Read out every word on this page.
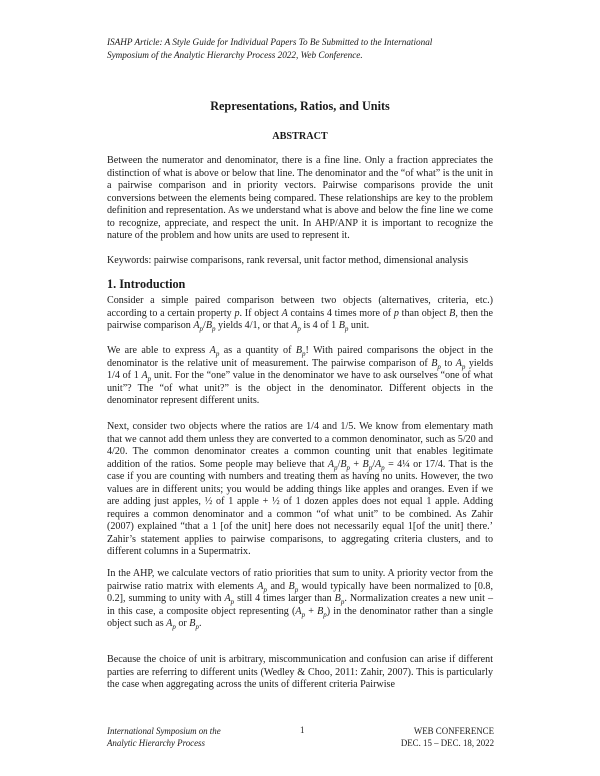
ISAHP Article: A Style Guide for Individual Papers To Be Submitted to the International
Symposium of the Analytic Hierarchy Process 2022, Web Conference.
Representations, Ratios, and Units
ABSTRACT
Between the numerator and denominator, there is a fine line. Only a fraction appreciates the distinction of what is above or below that line. The denominator and the “of what” is the unit in a pairwise comparison and in priority vectors. Pairwise comparisons provide the unit conversions between the elements being compared. These relationships are key to the problem definition and representation. As we understand what is above and below the fine line we come to recognize, appreciate, and respect the unit. In AHP/ANP it is important to recognize the nature of the problem and how units are used to represent it.
Keywords: pairwise comparisons, rank reversal, unit factor method, dimensional analysis
1. Introduction
Consider a simple paired comparison between two objects (alternatives, criteria, etc.) according to a certain property p. If object A contains 4 times more of p than object B, then the pairwise comparison $A_p/B_p$ yields 4/1, or that $A_p$ is 4 of 1 $B_p$ unit.
We are able to express $A_p$ as a quantity of $B_p$! With paired comparisons the object in the denominator is the relative unit of measurement. The pairwise comparison of $B_p$ to $A_p$ yields 1/4 of 1 $A_p$ unit. For the “one” value in the denominator we have to ask ourselves “one of what unit”? The “of what unit?” is the object in the denominator. Different objects in the denominator represent different units.
Next, consider two objects where the ratios are 1/4 and 1/5. We know from elementary math that we cannot add them unless they are converted to a common denominator, such as 5/20 and 4/20. The common denominator creates a common counting unit that enables legitimate addition of the ratios. Some people may believe that $A_p/B_p + B_p/A_p$ = 4¼ or 17/4. That is the case if you are counting with numbers and treating them as having no units. However, the two values are in different units; you would be adding things like apples and oranges. Even if we are adding just apples, ½ of 1 apple + ½ of 1 dozen apples does not equal 1 apple. Adding requires a common denominator and a common “of what unit” to be combined. As Zahir (2007) explained “that a 1 [of the unit] here does not necessarily equal 1[of the unit] there.’ Zahir’s statement applies to pairwise comparisons, to aggregating criteria clusters, and to different columns in a Supermatrix.
In the AHP, we calculate vectors of ratio priorities that sum to unity. A priority vector from the pairwise ratio matrix with elements $A_p$ and $B_p$ would typically have been normalized to [0.8, 0.2], summing to unity with $A_p$ still 4 times larger than $B_p$. Normalization creates a new unit – in this case, a composite object representing $(A_p + B_p)$ in the denominator rather than a single object such as $A_p$ or $B_p$.
Because the choice of unit is arbitrary, miscommunication and confusion can arise if different parties are referring to different units (Wedley & Choo, 2011: Zahir, 2007). This is particularly the case when aggregating across the units of different criteria Pairwise
International Symposium on the
Analytic Hierarchy Process
1	WEB CONFERENCE
DEC. 15 – DEC. 18, 2022
